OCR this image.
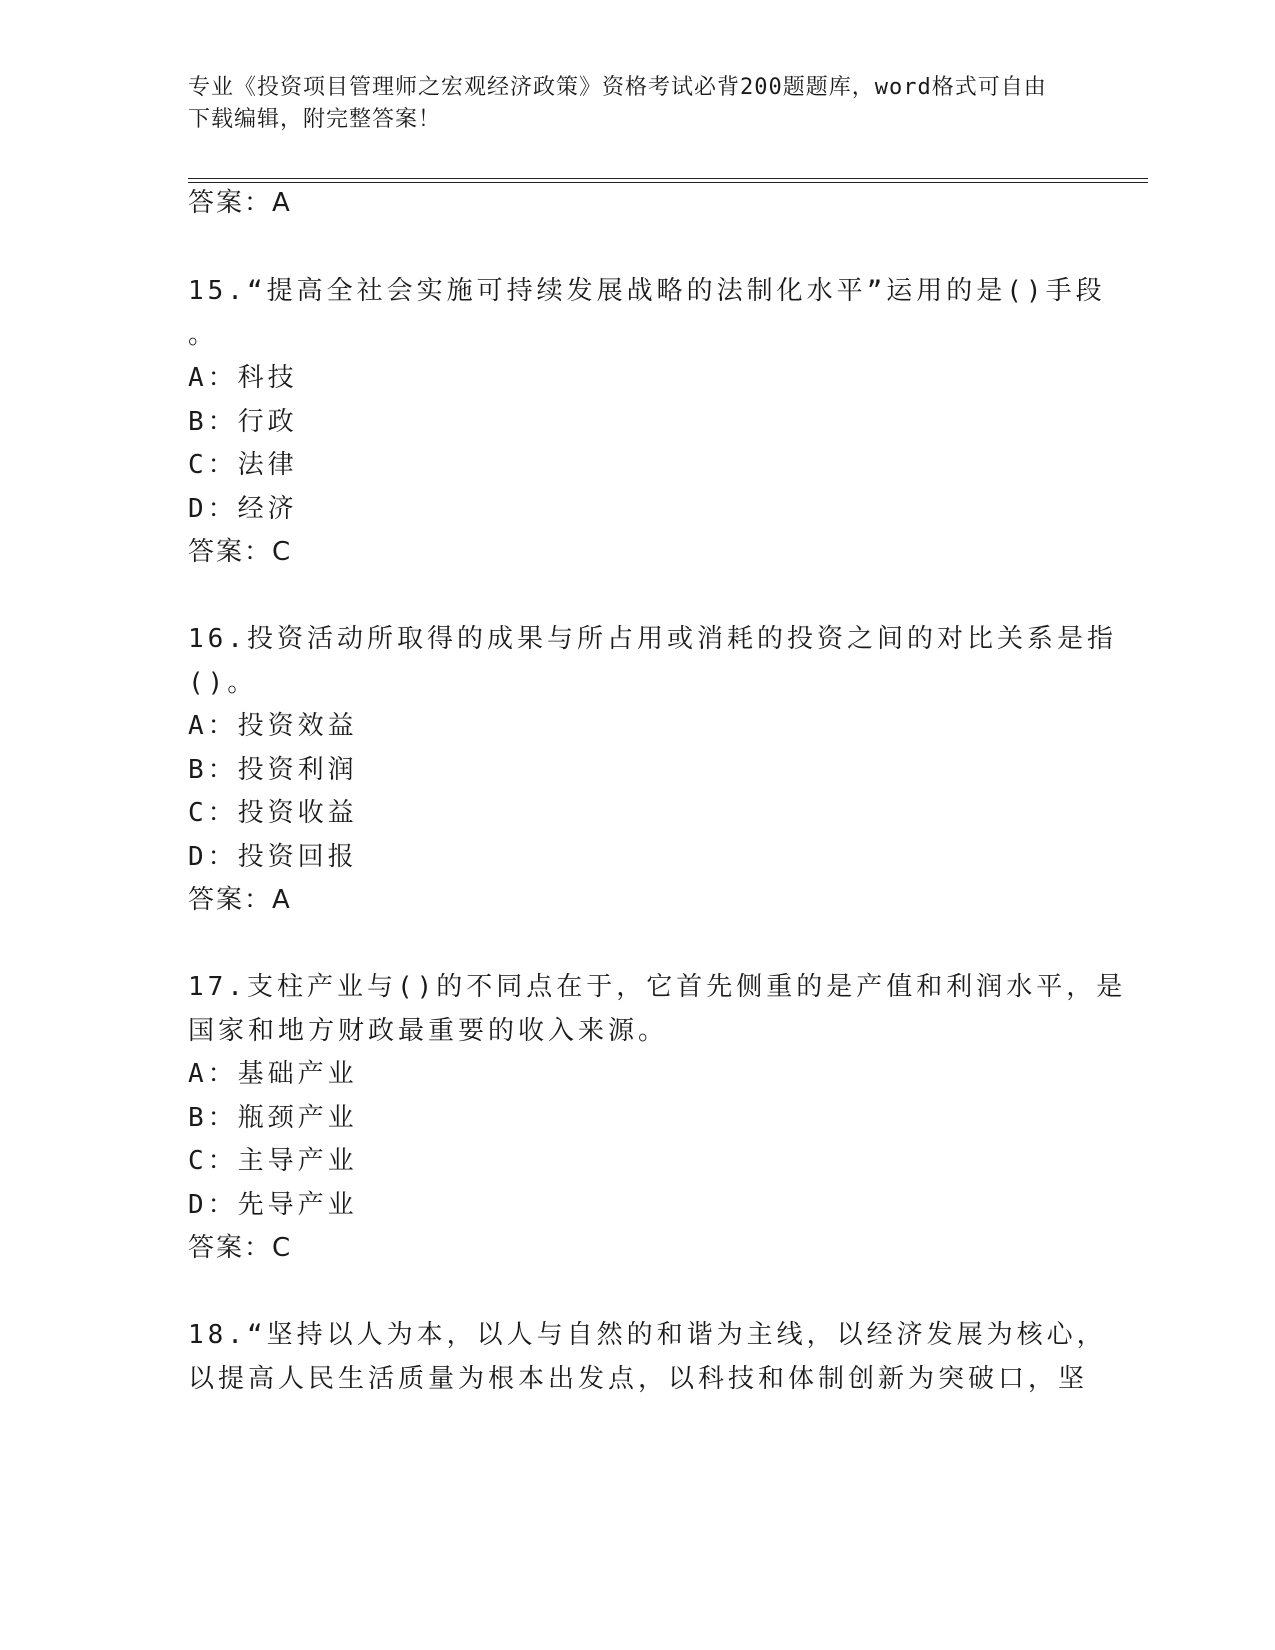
专业《投资项目管理师之宏观经济政策》资格考试必背200题题库，word格式可自由下载编辑，附完整答案！
答案：A
15.“提高全社会实施可持续发展战略的法制化水平”运用的是()手段
。
A：科技
B：行政
C：法律
D：经济
答案：C
16.投资活动所取得的成果与所占用或消耗的投资之间的对比关系是指
()。
A：投资效益
B：投资利润
C：投资收益
D：投资回报
答案：A
17.支柱产业与()的不同点在于，它首先侧重的是产值和利润水平，是
国家和地方财政最重要的收入来源。
A：基础产业
B：瓶颈产业
C：主导产业
D：先导产业
答案：C
18.“坚持以人为本，以人与自然的和谐为主线，以经济发展为核心，
以提高人民生活质量为根本出发点，以科技和体制创新为突破口，坚
